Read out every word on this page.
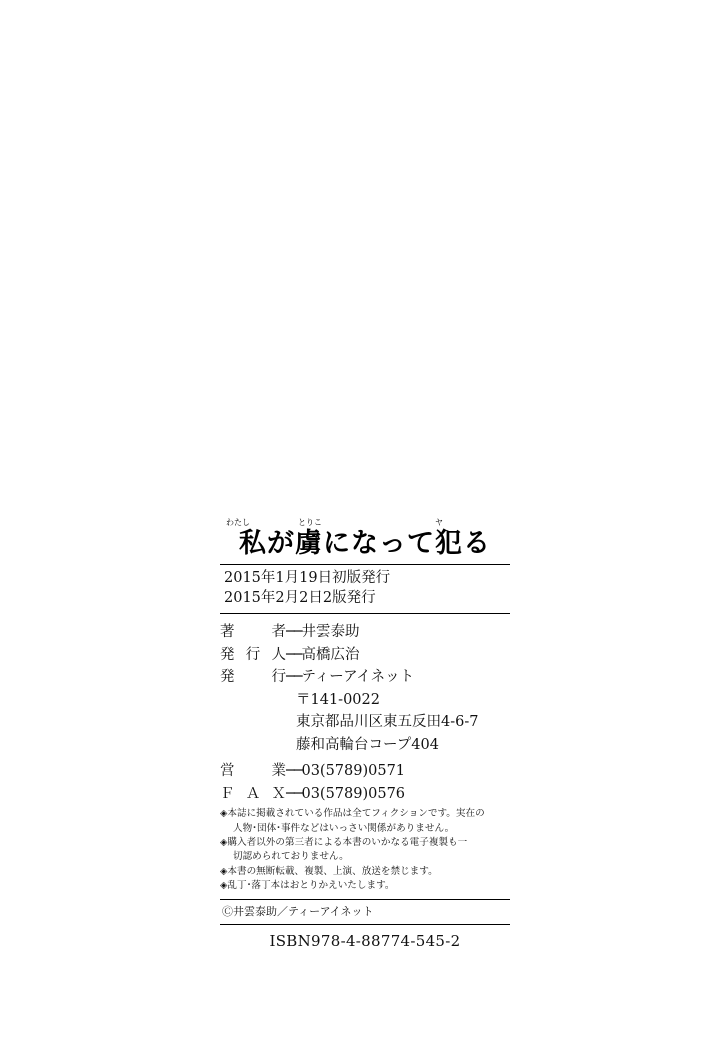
わたし	とりこ	ヤ
私が虜になって犯る
2015年1月19日初版発行
2015年2月2日2版発行
著　者──井雲泰助
発行人──高橋広治
発　行──ティーアイネット
〒141-0022
東京都品川区東五反田4-6-7
藤和高輪台コープ404
営　業──03(5789)0571
ＦＡＸ──03(5789)0576
◈本誌に掲載されている作品は全てフィクションです。実在の
人物･団体･事件などはいっさい関係がありません。
◈購入者以外の第三者による本書のいかなる電子複製も一
切認められておりません。
◈本書の無断転載、複製、上演、放送を禁じます。
◈乱丁･落丁本はおとりかえいたします。
Ⓒ井雲泰助／ティーアイネット
ISBN978-4-88774-545-2
